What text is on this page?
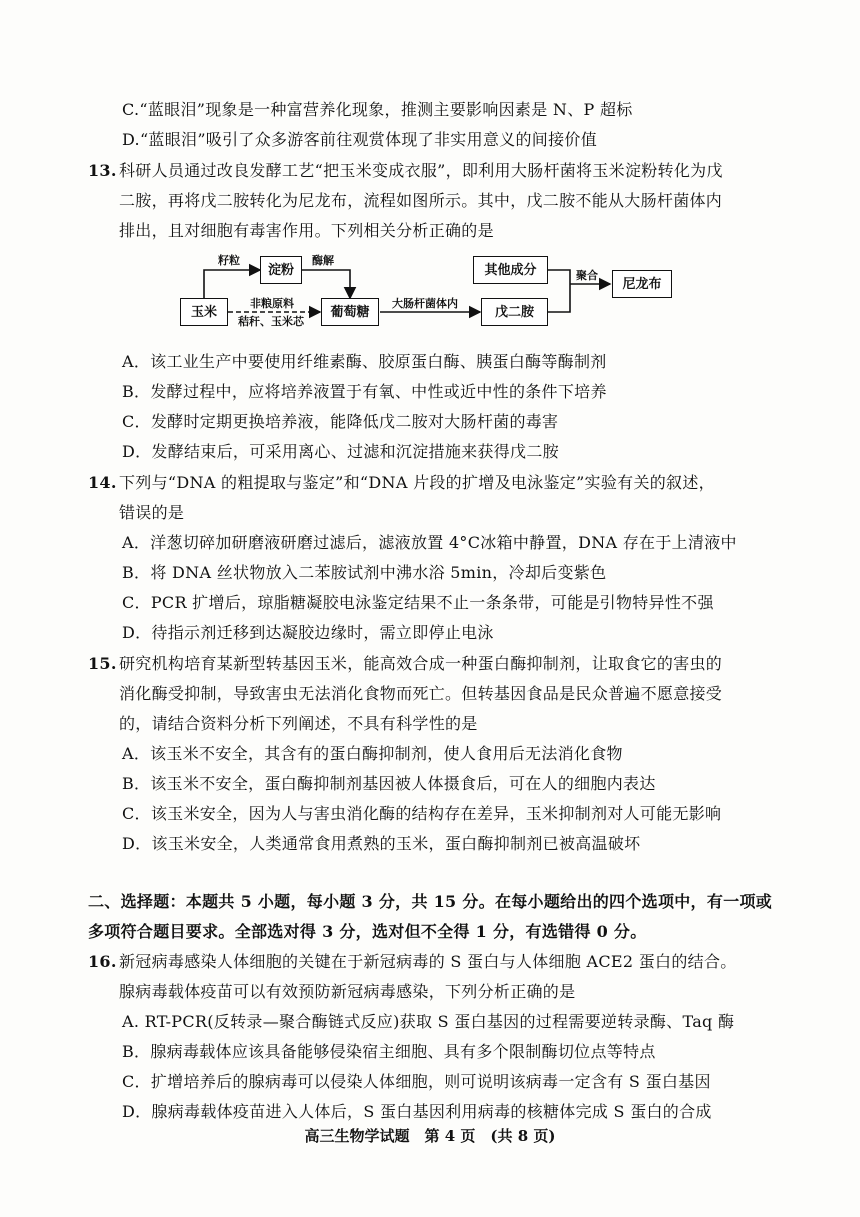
C.“蓝眼泪”现象是一种富营养化现象，推测主要影响因素是 N、P 超标
D.“蓝眼泪”吸引了众多游客前往观赏体现了非实用意义的间接价值
13. 科研人员通过改良发酵工艺“把玉米变成衣服”，即利用大肠杆菌将玉米淀粉转化为戊
二胺，再将戊二胺转化为尼龙布，流程如图所示。其中，戊二胺不能从大肠杆菌体内
排出，且对细胞有毒害作用。下列相关分析正确的是
玉米
淀粉
葡萄糖
其他成分
戊二胺
尼龙布
籽粒	酶解
非粮原料
秸秆、玉米芯
大肠杆菌体内
聚合
A．该工业生产中要使用纤维素酶、胶原蛋白酶、胰蛋白酶等酶制剂
B．发酵过程中，应将培养液置于有氧、中性或近中性的条件下培养
C．发酵时定期更换培养液，能降低戊二胺对大肠杆菌的毒害
D．发酵结束后，可采用离心、过滤和沉淀措施来获得戊二胺
14. 下列与“DNA 的粗提取与鉴定”和“DNA 片段的扩增及电泳鉴定”实验有关的叙述，
错误的是
A．洋葱切碎加研磨液研磨过滤后，滤液放置 4°C冰箱中静置，DNA 存在于上清液中
B．将 DNA 丝状物放入二苯胺试剂中沸水浴 5min，冷却后变紫色
C．PCR 扩增后，琼脂糖凝胶电泳鉴定结果不止一条条带，可能是引物特异性不强
D．待指示剂迁移到达凝胶边缘时，需立即停止电泳
15. 研究机构培育某新型转基因玉米，能高效合成一种蛋白酶抑制剂，让取食它的害虫的
消化酶受抑制，导致害虫无法消化食物而死亡。但转基因食品是民众普遍不愿意接受
的，请结合资料分析下列阐述，不具有科学性的是
A．该玉米不安全，其含有的蛋白酶抑制剂，使人食用后无法消化食物
B．该玉米不安全，蛋白酶抑制剂基因被人体摄食后，可在人的细胞内表达
C．该玉米安全，因为人与害虫消化酶的结构存在差异，玉米抑制剂对人可能无影响
D．该玉米安全，人类通常食用煮熟的玉米，蛋白酶抑制剂已被高温破坏
二、选择题：本题共 5 小题，每小题 3 分，共 15 分。在每小题给出的四个选项中，有一项或
多项符合题目要求。全部选对得 3 分，选对但不全得 1 分，有选错得 0 分。
16. 新冠病毒感染人体细胞的关键在于新冠病毒的 S 蛋白与人体细胞 ACE2 蛋白的结合。
腺病毒载体疫苗可以有效预防新冠病毒感染，下列分析正确的是
A. RT-PCR(反转录—聚合酶链式反应)获取 S 蛋白基因的过程需要逆转录酶、Taq 酶
B．腺病毒载体应该具备能够侵染宿主细胞、具有多个限制酶切位点等特点
C．扩增培养后的腺病毒可以侵染人体细胞，则可说明该病毒一定含有 S 蛋白基因
D．腺病毒载体疫苗进入人体后，S 蛋白基因利用病毒的核糖体完成 S 蛋白的合成
高三生物学试题　第 4 页　(共 8 页)
